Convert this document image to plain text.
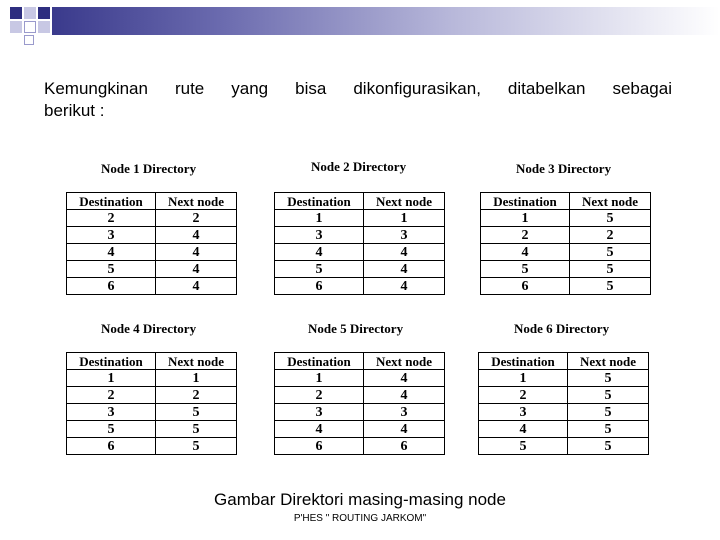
Kemungkinan rute yang bisa dikonfigurasikan, ditabelkan sebagai
berikut :
Node 1 Directory	Node 2 Directory	Node 3 Directory
Node 4 Directory	Node 5 Directory	Node 6 Directory
Destination	Next node
2	2
3	4
4	4
5	4
6	4
Destination	Next node
1	1
3	3
4	4
5	4
6	4
Destination	Next node
1	5
2	2
4	5
5	5
6	5
Destination	Next node
1	1
2	2
3	5
5	5
6	5
Destination	Next node
1	4
2	4
3	3
4	4
6	6
Destination	Next node
1	5
2	5
3	5
4	5
5	5
Gambar Direktori masing-masing node
P'HES " ROUTING JARKOM"
